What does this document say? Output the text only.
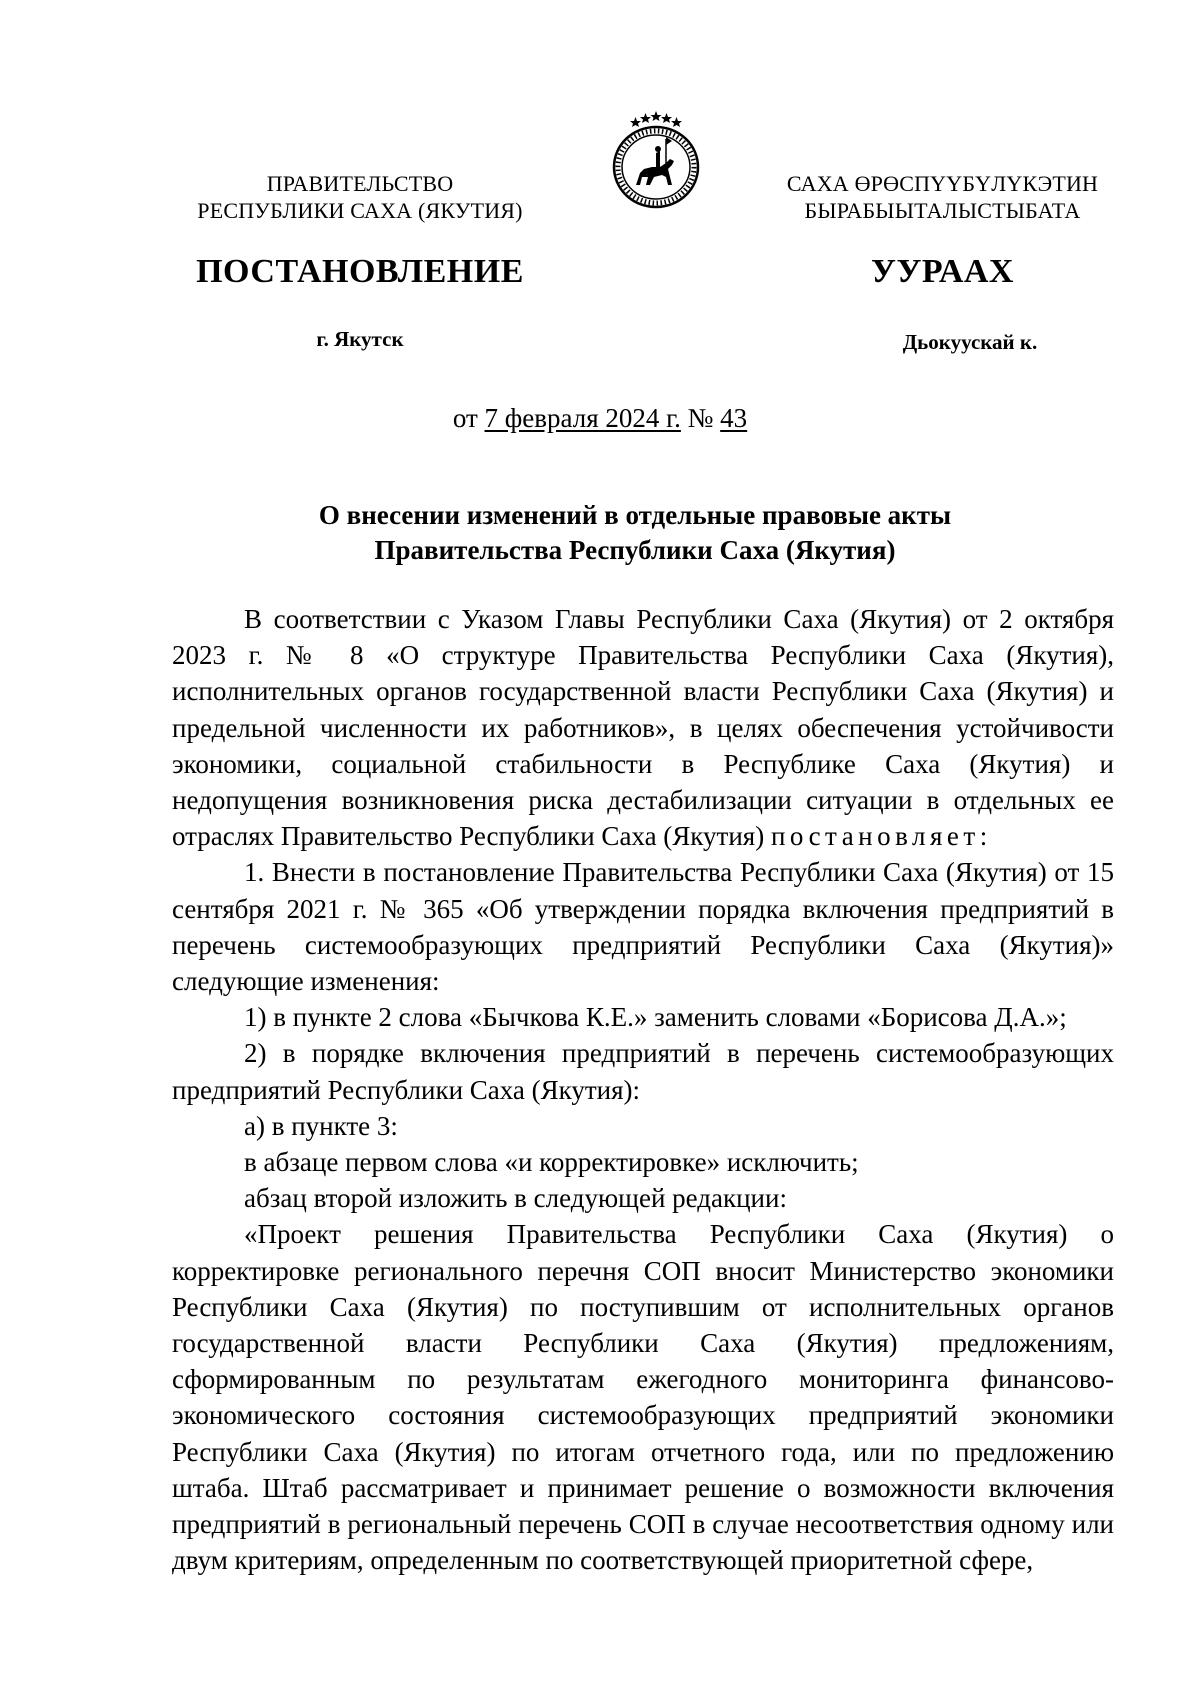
ПРАВИТЕЛЬСТВО
РЕСПУБЛИКИ САХА (ЯКУТИЯ)
САХА ӨРӨСПҮҮБҮЛҮКЭТИН
БЫРАБЫЫТАЛЫСТЫБАТА
ПОСТАНОВЛЕНИЕ	УУРААХ
г. Якутск	Дьокуускай к.
от 7 февраля 2024 г. № 43
О внесении изменений в отдельные правовые акты
Правительства Республики Саха (Якутия)

В соответствии с Указом Главы Республики Саха (Якутия) от 2 октября 2023 г. № 8 «О структуре Правительства Республики Саха (Якутия), исполнительных органов государственной власти Республики Саха (Якутия) и предельной численности их работников», в целях обеспечения устойчивости экономики, социальной стабильности в Республике Саха (Якутия) и недопущения возникновения риска дестабилизации ситуации в отдельных ее отраслях Правительство Республики Саха (Якутия) постановляет:

1. Внести в постановление Правительства Республики Саха (Якутия) от 15 сентября 2021 г. № 365 «Об утверждении порядка включения предприятий в перечень системообразующих предприятий Республики Саха (Якутия)» следующие изменения:

1) в пункте 2 слова «Бычкова К.Е.» заменить словами «Борисова Д.А.»;

2) в порядке включения предприятий в перечень системообразующих предприятий Республики Саха (Якутия):

а) в пункте 3:

в абзаце первом слова «и корректировке» исключить;

абзац второй изложить в следующей редакции:

«Проект решения Правительства Республики Саха (Якутия) о корректировке регионального перечня СОП вносит Министерство экономики Республики Саха (Якутия) по поступившим от исполнительных органов государственной власти Республики Саха (Якутия) предложениям, сформированным по результатам ежегодного мониторинга финансово-экономического состояния системообразующих предприятий экономики Республики Саха (Якутия) по итогам отчетного года, или по предложению штаба. Штаб рассматривает и принимает решение о возможности включения предприятий в региональный перечень СОП в случае несоответствия одному или двум критериям, определенным по соответствующей приоритетной сфере,
